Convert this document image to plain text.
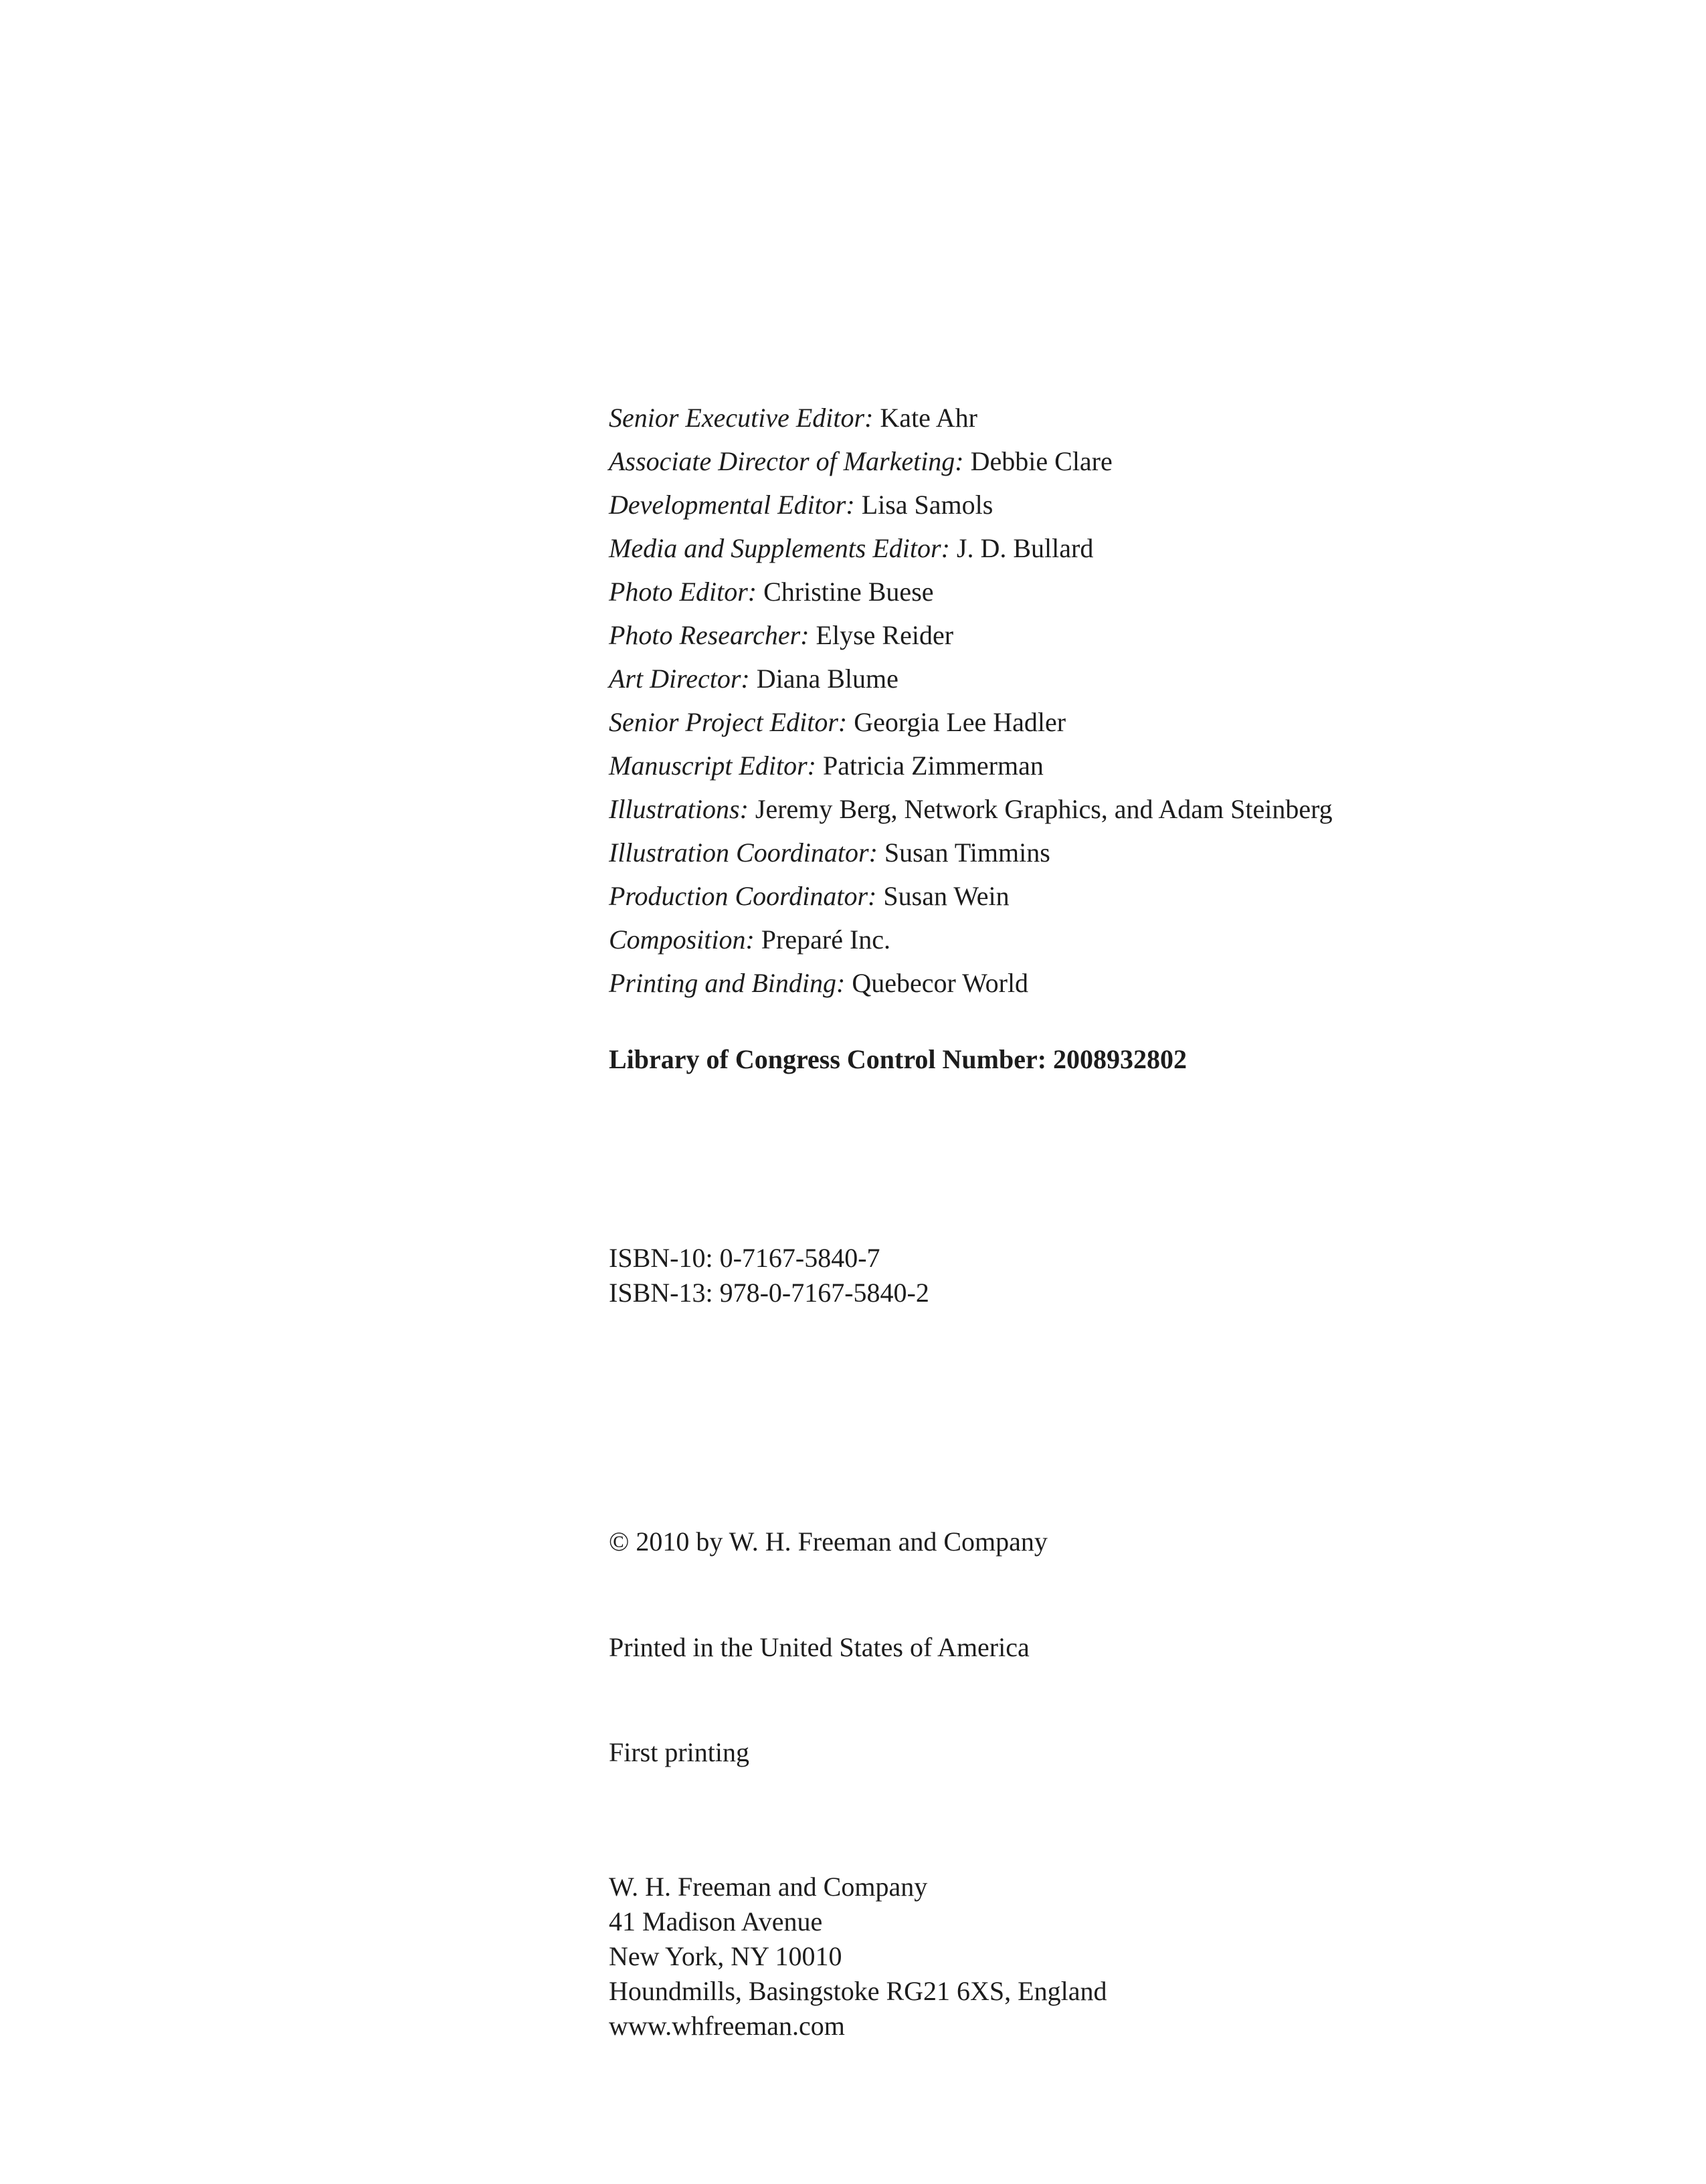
Senior Executive Editor: Kate Ahr
Associate Director of Marketing: Debbie Clare
Developmental Editor: Lisa Samols
Media and Supplements Editor: J. D. Bullard
Photo Editor: Christine Buese
Photo Researcher: Elyse Reider
Art Director: Diana Blume
Senior Project Editor: Georgia Lee Hadler
Manuscript Editor: Patricia Zimmerman
Illustrations: Jeremy Berg, Network Graphics, and Adam Steinberg
Illustration Coordinator: Susan Timmins
Production Coordinator: Susan Wein
Composition: Preparé Inc.
Printing and Binding: Quebecor World
Library of Congress Control Number: 2008932802
ISBN-10: 0-7167-5840-7
ISBN-13: 978-0-7167-5840-2
© 2010 by W. H. Freeman and Company
Printed in the United States of America
First printing
W. H. Freeman and Company
41 Madison Avenue
New York, NY 10010
Houndmills, Basingstoke RG21 6XS, England
www.whfreeman.com
